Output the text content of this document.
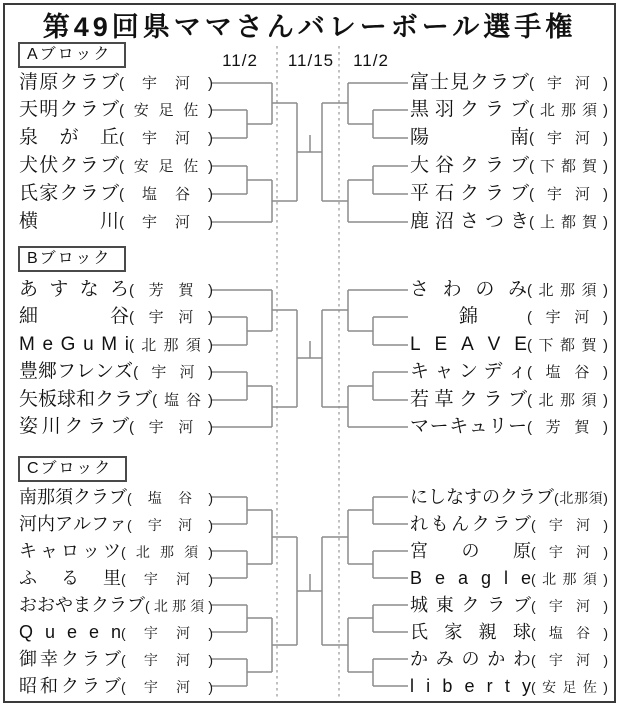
第49回県ママさんバレーボール選手権
Aブロック
Bブロック
Cブロック
11/2	11/15	11/2
清 原 ク ラ ブ ( 宇 河 )
天 明 ク ラ ブ ( 安 足 佐 )
泉 が 丘 ( 宇 河 )
犬 伏 ク ラ ブ ( 安 足 佐 )
氏 家 ク ラ ブ ( 塩 谷 )
横	川 ( 宇 河 )
富 士 見 ク ラ ブ ( 宇 河 )
黒 羽 ク ラ ブ ( 北 那 須 )
陽	南 ( 宇 河 )
大 谷 ク ラ ブ ( 下 都 賀 )
平 石 ク ラ ブ ( 宇 河 )
鹿 沼 さ つ き ( 上 都 賀 )
あ す な ろ ( 芳 賀 )
細	谷 ( 宇 河 )
M e G u M i ( 北 那 須 )
豊 郷 フ レ ン ズ ( 宇 河 )
矢 板 球 和 ク ラ ブ ( 塩 谷 )
姿 川 ク ラ ブ ( 宇 河 )
さ わ の み ( 北 那 須 )
錦	( 宇 河 )
L E A V E ( 下 都 賀 )
キ ャ ン デ ィ ( 塩 谷 )
若 草 ク ラ ブ ( 北 那 須 )
マ ー キ ュ リ ー ( 芳 賀 )
南 那 須 ク ラ ブ ( 塩 谷 )
河 内 ア ル フ ァ ( 宇 河 )
キ ャ ロ ッ ツ ( 北 那 須 )
ふ る 里 ( 宇 河 )
お お や ま ク ラ ブ ( 北 那 須 )
Q u e e n ( 宇 河 )
御 幸 ク ラ ブ ( 宇 河 )
昭 和 ク ラ ブ ( 宇 河 )
に し な す の ク ラ ブ ( 北 那 須 )
れ も ん ク ラ ブ ( 宇 河 )
宮 の 原 ( 宇 河 )
B e a g l e ( 北 那 須 )
城 東 ク ラ ブ ( 宇 河 )
氏 家 親 球 ( 塩 谷 )
か み の か わ ( 宇 河 )
l i b e r t y ( 安 足 佐 )
